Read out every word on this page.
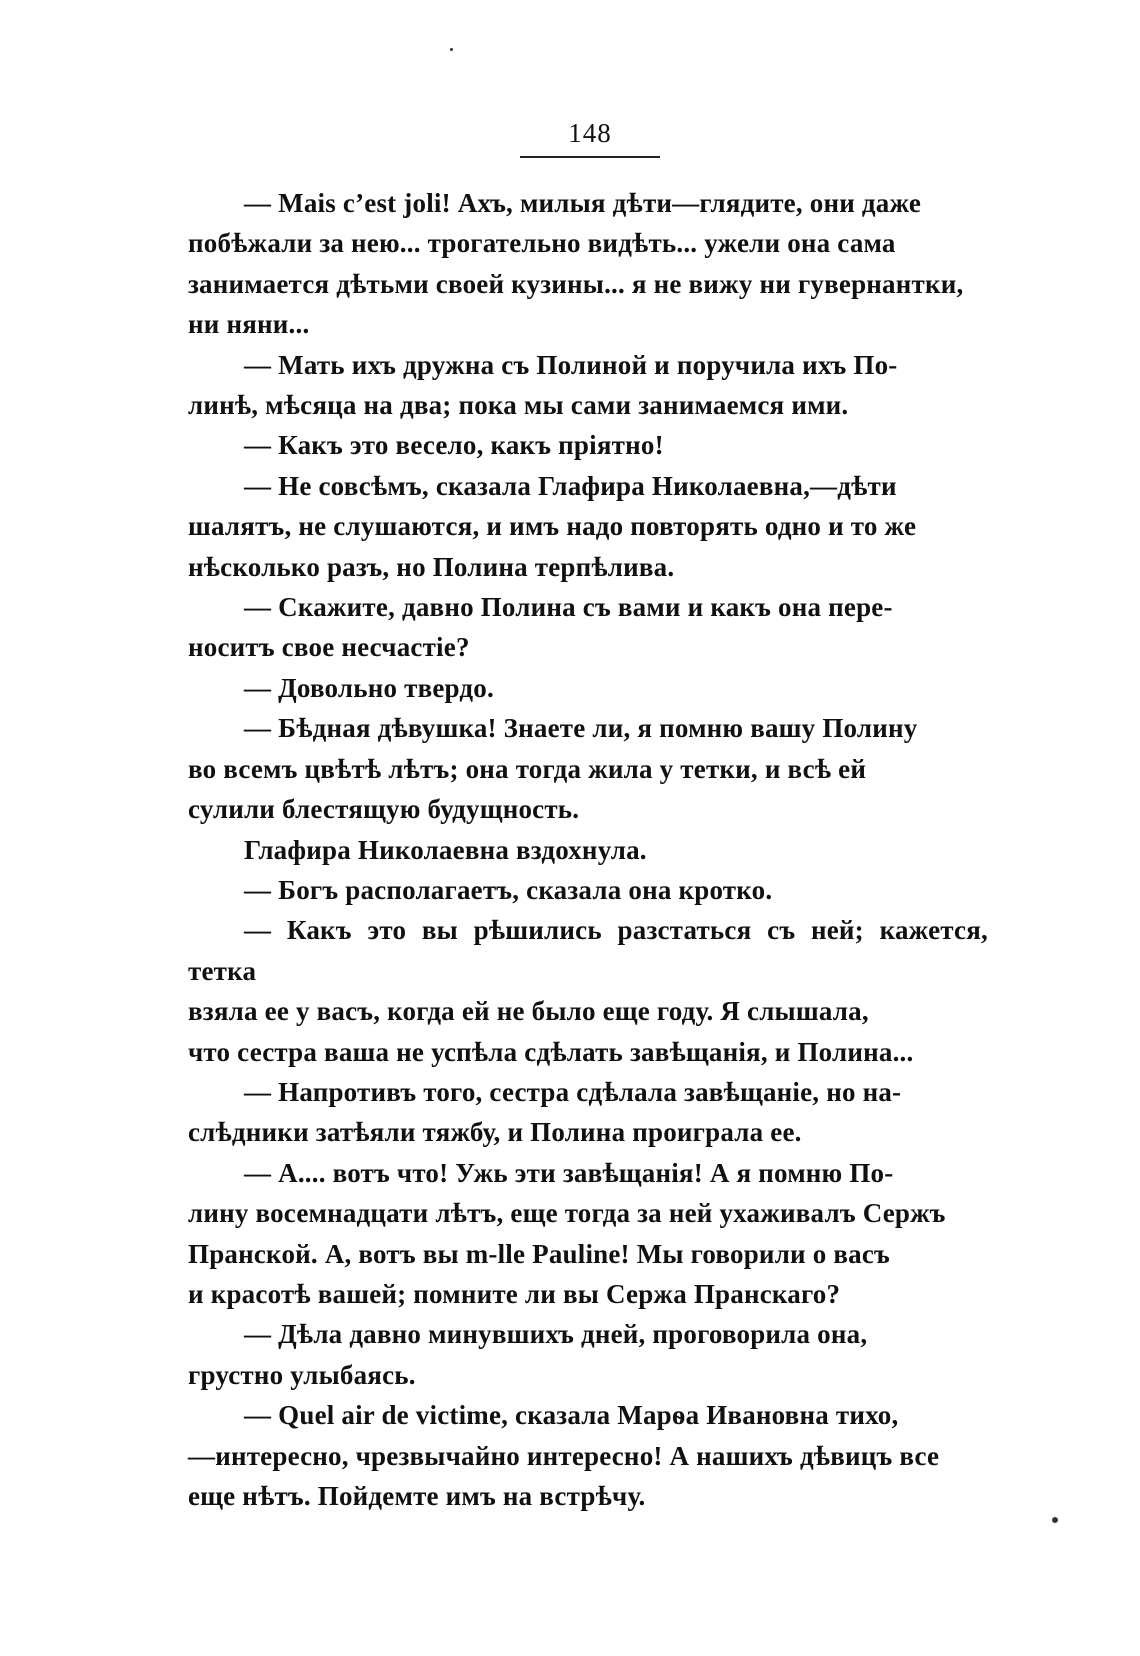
148

— Mais c’est joli! Ахъ, милыя дѣти—глядите, они даже
побѣжали за нею... трогательно видѣть... ужели она сама
занимается дѣтьми своей кузины... я не вижу ни гувернантки,
ни няни...

— Мать ихъ дружна съ Полиной и поручила ихъ По-
линѣ, мѣсяца на два; пока мы сами занимаемся ими.

— Какъ это весело, какъ пріятно!

— Не совсѣмъ, сказала Глафира Николаевна,—дѣти
шалятъ, не слушаются, и имъ надо повторять одно и то же
нѣсколько разъ, но Полина терпѣлива.

— Скажите, давно Полина съ вами и какъ она пере-
носитъ свое несчастіе?

— Довольно твердо.

— Бѣдная дѣвушка! Знаете ли, я помню вашу Полину
во всемъ цвѣтѣ лѣтъ; она тогда жила у тетки, и всѣ ей
сулили блестящую будущность.

Глафира Николаевна вздохнула.

— Богъ располагаетъ, сказала она кротко.

— Какъ это вы рѣшились разстаться съ ней; кажется, тетка
взяла ее у васъ, когда ей не было еще году. Я слышала,
что сестра ваша не успѣла сдѣлать завѣщанія, и Полина...

— Напротивъ того, сестра сдѣлала завѣщаніе, но на-
слѣдники затѣяли тяжбу, и Полина проиграла ее.

— А.... вотъ что! Ужь эти завѣщанія! А я помню По-
лину восемнадцати лѣтъ, еще тогда за ней ухаживалъ Сержъ
Пранской. А, вотъ вы m-lle Pauline! Мы говорили о васъ
и красотѣ вашей; помните ли вы Сержа Пранскаго?

— Дѣла давно минувшихъ дней, проговорила она,
грустно улыбаясь.

— Quel air de victime, сказала Марѳа Ивановна тихо,
—интересно, чрезвычайно интересно! А нашихъ дѣвицъ все
еще нѣтъ. Пойдемте имъ на встрѣчу.
